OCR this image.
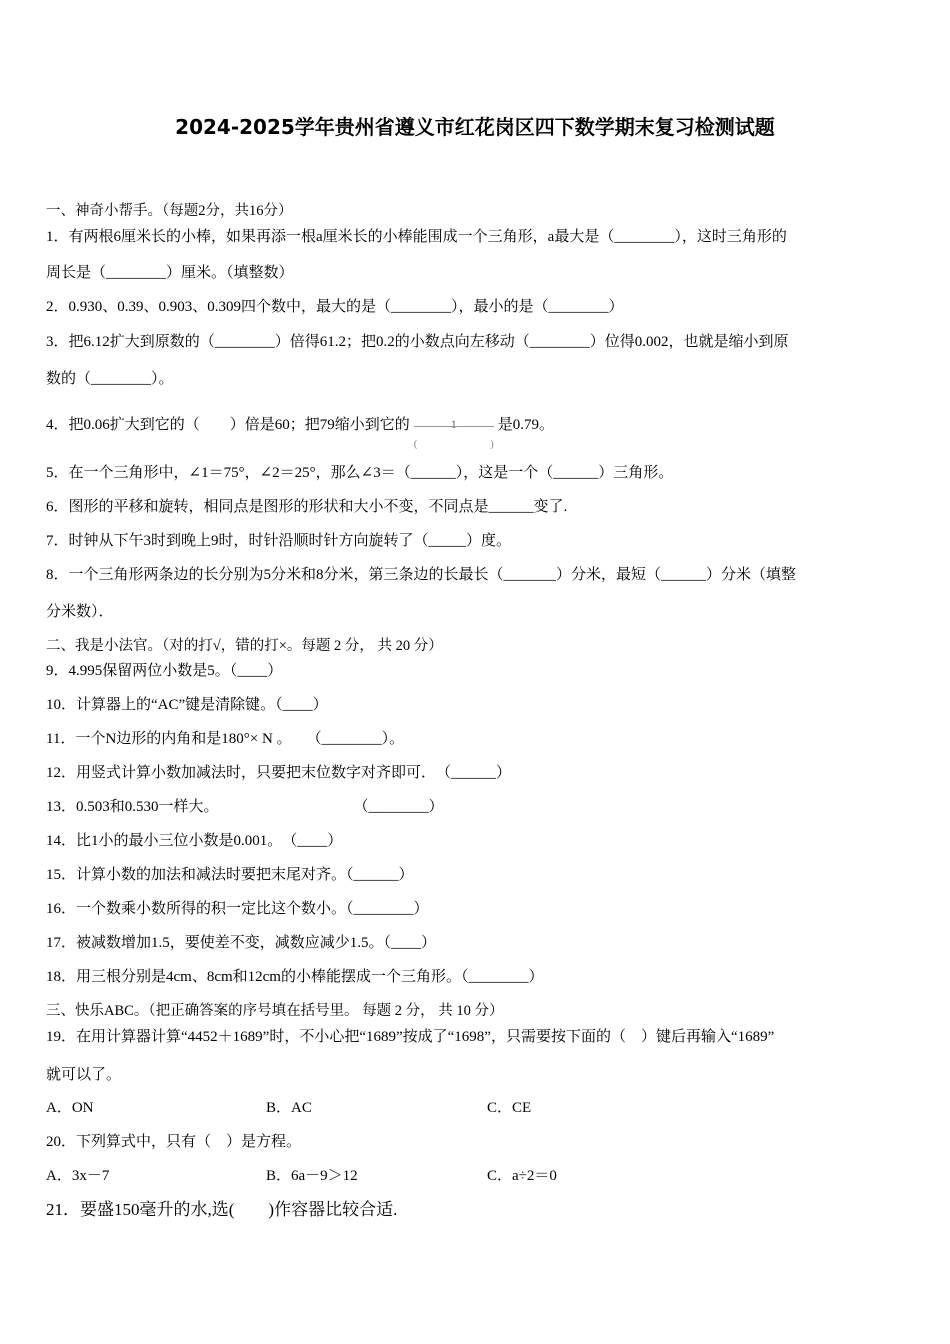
2024-2025学年贵州省遵义市红花岗区四下数学期末复习检测试题
一、神奇小帮手。（每题2分，共16分）
1．有两根6厘米长的小棒，如果再添一根a厘米长的小棒能围成一个三角形，a最大是（________），这时三角形的
周长是（________）厘米。（填整数）
2．0.930、0.39、0.903、0.309四个数中，最大的是（________），最小的是（________）
3．把6.12扩大到原数的（________）倍得61.2；把0.2的小数点向左移动（________）位得0.002，也就是缩小到原
数的（________）。
4．把0.06扩大到它的（　　）倍是60；把79缩小到它的	1
(	)
是0.79。
5．在一个三角形中，∠1＝75°，∠2＝25°，那么∠3＝（______），这是一个（______）三角形。
6．图形的平移和旋转，相同点是图形的形状和大小不变，不同点是______变了.
7．时钟从下午3时到晚上9时，时针沿顺时针方向旋转了（_____）度。
8．一个三角形两条边的长分别为5分米和8分米，第三条边的长最长（_______）分米，最短（______）分米（填整
分米数）．
二、我是小法官。（对的打√，错的打×。每题 2 分， 共 20 分）
9．4.995保留两位小数是5。（____）
10．计算器上的“AC”键是清除键。（____）
11．一个N边形的内角和是180°× N 。　　（________）。
12．用竖式计算小数加减法时，只要把末位数字对齐即可．　（______）
13．0.503和0.530一样大。　　　　　　　　　　（________）
14．比1小的最小三位小数是0.001。　（____）
15．计算小数的加法和减法时要把末尾对齐。（______）
16．一个数乘小数所得的积一定比这个数小。（________）
17．被减数增加1.5，要使差不变，减数应减少1.5。（____）
18．用三根分别是4cm、8cm和12cm的小棒能摆成一个三角形。（________）
三、快乐ABC。（把正确答案的序号填在括号里。 每题 2 分， 共 10 分）
19．在用计算器计算“4452＋1689”时，不小心把“1689”按成了“1698”，只需要按下面的（　）键后再输入“1689”
就可以了。
A．ON	B．AC	C．CE
20．下列算式中，只有（　）是方程。
A．3x－7	B．6a－9＞12	C．a÷2＝0
21．要盛150毫升的水,选(　　)作容器比较合适.
